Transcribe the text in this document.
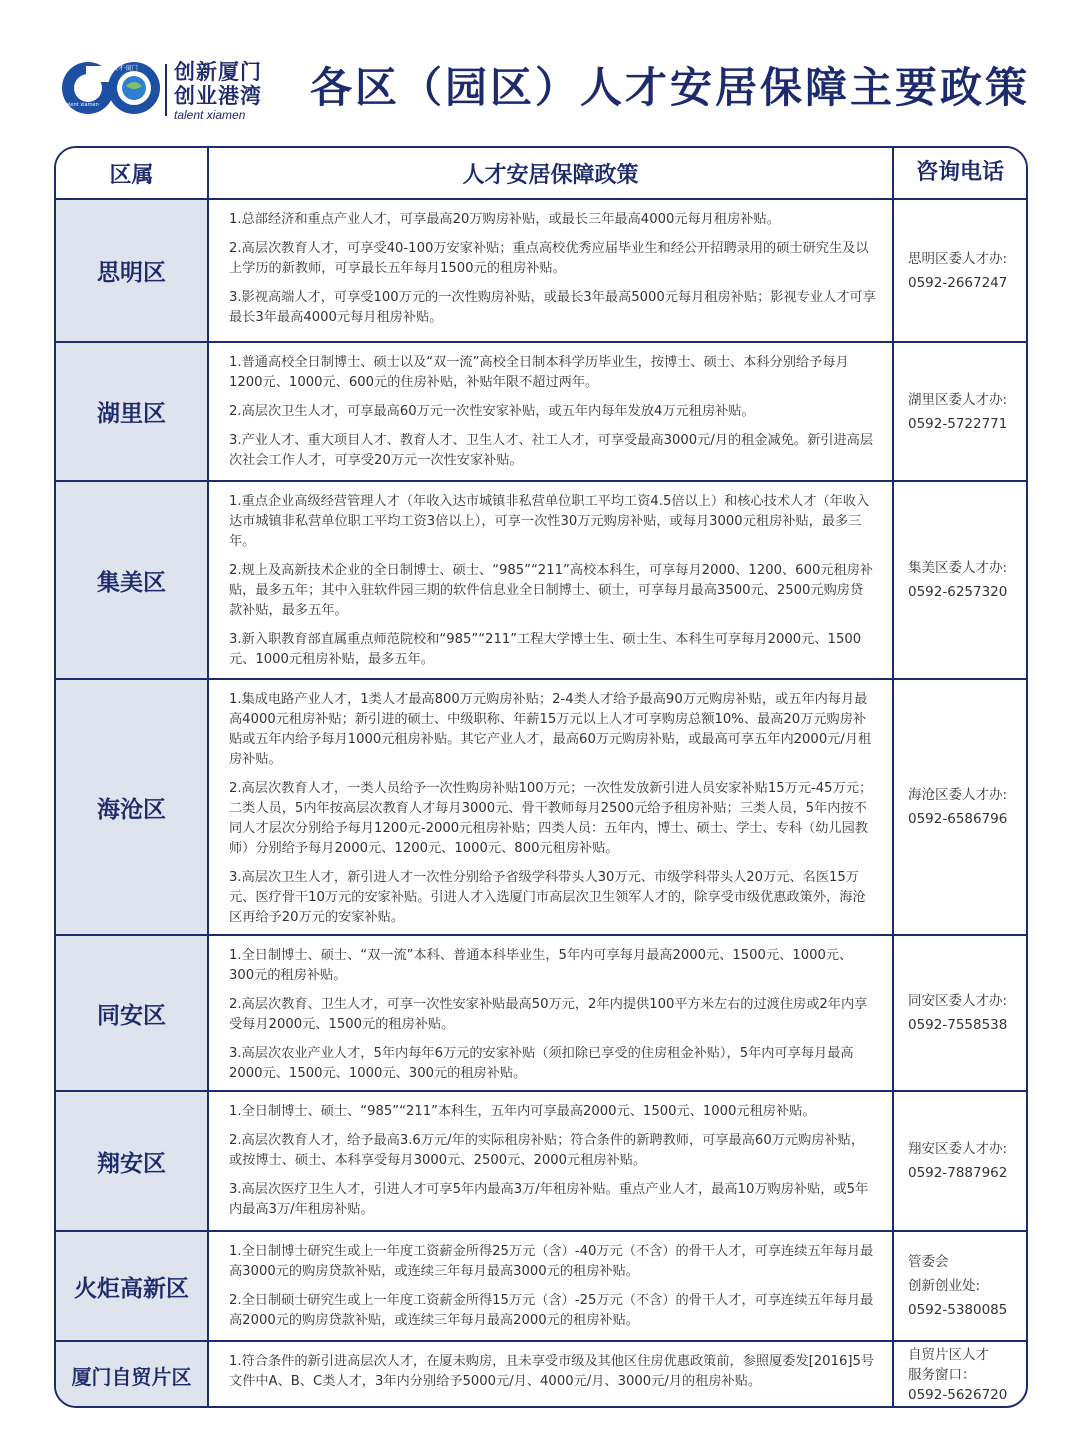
人才·厦门
talent xiamen
创新厦门
创业港湾
talent xiamen
各区（园区）人才安居保障主要政策
区属	人才安居保障政策	咨询电话
思明区

1.总部经济和重点产业人才，可享最高20万购房补贴，或最长三年最高4000元每月租房补贴。

2.高层次教育人才，可享受40-100万安家补贴；重点高校优秀应届毕业生和经公开招聘录用的硕士研究生及以上学历的新教师，可享最长五年每月1500元的租房补贴。

3.影视高端人才，可享受100万元的一次性购房补贴，或最长3年最高5000元每月租房补贴；影视专业人才可享最长3年最高4000元每月租房补贴。

思明区委人才办:
0592-2667247
湖里区

1.普通高校全日制博士、硕士以及“双一流”高校全日制本科学历毕业生，按博士、硕士、本科分别给予每月1200元、1000元、600元的住房补贴，补贴年限不超过两年。

2.高层次卫生人才，可享最高60万元一次性安家补贴，或五年内每年发放4万元租房补贴。

3.产业人才、重大项目人才、教育人才、卫生人才、社工人才，可享受最高3000元/月的租金减免。新引进高层次社会工作人才，可享受20万元一次性安家补贴。

湖里区委人才办:
0592-5722771
集美区

1.重点企业高级经营管理人才（年收入达市城镇非私营单位职工平均工资4.5倍以上）和核心技术人才（年收入达市城镇非私营单位职工平均工资3倍以上），可享一次性30万元购房补贴，或每月3000元租房补贴，最多三年。

2.规上及高新技术企业的全日制博士、硕士、“985”“211”高校本科生，可享每月2000、1200、600元租房补贴，最多五年；其中入驻软件园三期的软件信息业全日制博士、硕士，可享每月最高3500元、2500元购房贷款补贴，最多五年。

3.新入职教育部直属重点师范院校和“985”“211”工程大学博士生、硕士生、本科生可享每月2000元、1500元、1000元租房补贴，最多五年。

集美区委人才办:
0592-6257320
海沧区

1.集成电路产业人才，1类人才最高800万元购房补贴；2-4类人才给予最高90万元购房补贴，或五年内每月最高4000元租房补贴；新引进的硕士、中级职称、年薪15万元以上人才可享购房总额10%、最高20万元购房补贴或五年内给予每月1000元租房补贴。其它产业人才，最高60万元购房补贴，或最高可享五年内2000元/月租房补贴。

2.高层次教育人才，一类人员给予一次性购房补贴100万元；一次性发放新引进人员安家补贴15万元-45万元；二类人员，5内年按高层次教育人才每月3000元、骨干教师每月2500元给予租房补贴；三类人员，5年内按不同人才层次分别给予每月1200元-2000元租房补贴；四类人员：五年内，博士、硕士、学士、专科（幼儿园教师）分别给予每月2000元、1200元、1000元、800元租房补贴。

3.高层次卫生人才，新引进人才一次性分别给予省级学科带头人30万元、市级学科带头人20万元、名医15万元、医疗骨干10万元的安家补贴。引进人才入选厦门市高层次卫生领军人才的，除享受市级优惠政策外，海沧区再给予20万元的安家补贴。

海沧区委人才办:
0592-6586796
同安区

1.全日制博士、硕士、“双一流”本科、普通本科毕业生，5年内可享每月最高2000元、1500元、1000元、300元的租房补贴。

2.高层次教育、卫生人才，可享一次性安家补贴最高50万元，2年内提供100平方米左右的过渡住房或2年内享受每月2000元、1500元的租房补贴。

3.高层次农业产业人才，5年内每年6万元的安家补贴（须扣除已享受的住房租金补贴），5年内可享每月最高2000元、1500元、1000元、300元的租房补贴。

同安区委人才办:
0592-7558538
翔安区

1.全日制博士、硕士、“985”“211”本科生，五年内可享最高2000元、1500元、1000元租房补贴。

2.高层次教育人才，给予最高3.6万元/年的实际租房补贴；符合条件的新聘教师，可享最高60万元购房补贴，或按博士、硕士、本科享受每月3000元、2500元、2000元租房补贴。

3.高层次医疗卫生人才，引进人才可享5年内最高3万/年租房补贴。重点产业人才，最高10万购房补贴，或5年内最高3万/年租房补贴。

翔安区委人才办:
0592-7887962
火炬高新区

1.全日制博士研究生或上一年度工资薪金所得25万元（含）-40万元（不含）的骨干人才，可享连续五年每月最高3000元的购房贷款补贴，或连续三年每月最高3000元的租房补贴。

2.全日制硕士研究生或上一年度工资薪金所得15万元（含）-25万元（不含）的骨干人才，可享连续五年每月最高2000元的购房贷款补贴，或连续三年每月最高2000元的租房补贴。

管委会
创新创业处:
0592-5380085
厦门自贸片区

1.符合条件的新引进高层次人才，在厦未购房，且未享受市级及其他区住房优惠政策前，参照厦委发[2016]5号文件中A、B、C类人才，3年内分别给予5000元/月、4000元/月、3000元/月的租房补贴。

自贸片区人才
服务窗口：
0592-5626720
